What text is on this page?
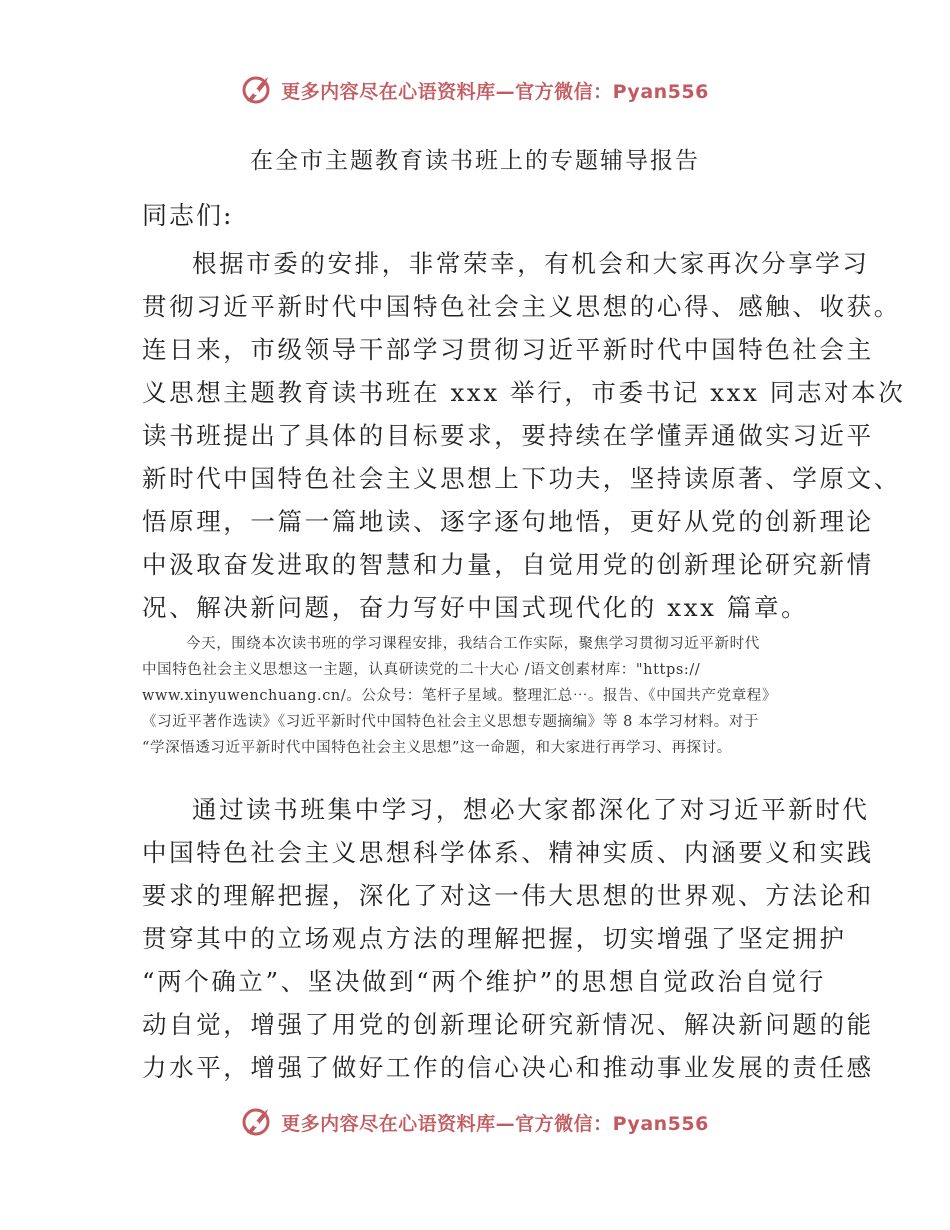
更多内容尽在心语资料库—官方微信：Pyan556
在全市主题教育读书班上的专题辅导报告
同志们:
根据市委的安排，非常荣幸，有机会和大家再次分享学习
贯彻习近平新时代中国特色社会主义思想的心得、感触、收获。
连日来，市级领导干部学习贯彻习近平新时代中国特色社会主
义思想主题教育读书班在 xxx 举行，市委书记 xxx 同志对本次
读书班提出了具体的目标要求，要持续在学懂弄通做实习近平
新时代中国特色社会主义思想上下功夫，坚持读原著、学原文、
悟原理，一篇一篇地读、逐字逐句地悟，更好从党的创新理论
中汲取奋发进取的智慧和力量，自觉用党的创新理论研究新情
况、解决新问题，奋力写好中国式现代化的 xxx 篇章。
今天，围绕本次读书班的学习课程安排，我结合工作实际，聚焦学习贯彻习近平新时代
中国特色社会主义思想这一主题，认真研读党的二十大心 /语文创素材库："https://
www.xinyuwenchuang.cn/。公众号：笔杆子星域。整理汇总⋯。报告、《中国共产党章程》
《习近平著作选读》《习近平新时代中国特色社会主义思想专题摘编》等 8 本学习材料。对于
“学深悟透习近平新时代中国特色社会主义思想”这一命题，和大家进行再学习、再探讨。
通过读书班集中学习，想必大家都深化了对习近平新时代
中国特色社会主义思想科学体系、精神实质、内涵要义和实践
要求的理解把握，深化了对这一伟大思想的世界观、方法论和
贯穿其中的立场观点方法的理解把握，切实增强了坚定拥护
“两个确立”、坚决做到“两个维护”的思想自觉政治自觉行
动自觉，增强了用党的创新理论研究新情况、解决新问题的能
力水平，增强了做好工作的信心决心和推动事业发展的责任感
更多内容尽在心语资料库—官方微信：Pyan556
